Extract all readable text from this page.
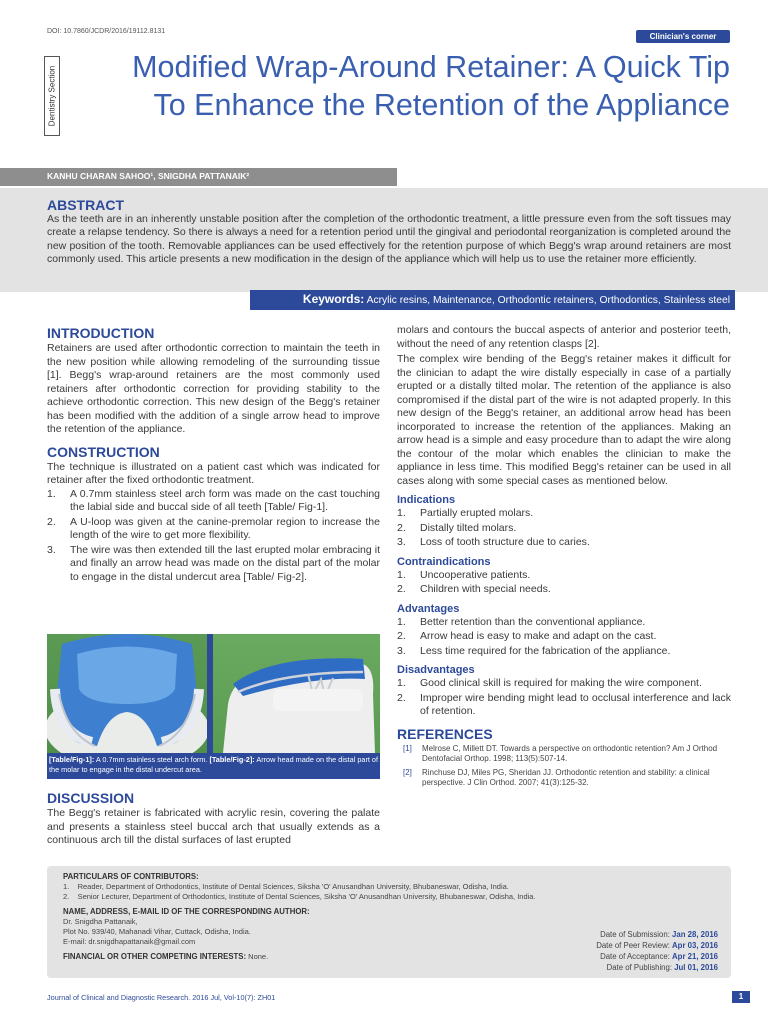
DOI: 10.7860/JCDR/2016/19112.8131
Clinician's corner
Dentistry Section	Modified Wrap-Around Retainer: A Quick Tip
To Enhance the Retention of the Appliance
KANHU CHARAN SAHOO¹, SNIGDHA PATTANAIK²
ABSTRACT
As the teeth are in an inherently unstable position after the completion of the orthodontic treatment, a little pressure even from the soft tissues may create a relapse tendency. So there is always a need for a retention period until the gingival and periodontal reorganization is completed around the new position of the tooth. Removable appliances can be used effectively for the retention purpose of which Begg's wrap around retainers are most commonly used. This article presents a new modification in the design of the appliance which will help us to use the retainer more efficiently.
Keywords: Acrylic resins, Maintenance, Orthodontic retainers, Orthodontics, Stainless steel
INTRODUCTION

Retainers are used after orthodontic correction to maintain the teeth in the new position while allowing remodeling of the surrounding tissue [1]. Begg's wrap-around retainers are the most commonly used retainers after orthodontic correction for providing stability to the achieve orthodontic correction. This new design of the Begg's retainer has been modified with the addition of a single arrow head to improve the retention of the appliance.

CONSTRUCTION

The technique is illustrated on a patient cast which was indicated for retainer after the fixed orthodontic treatment.

1. A 0.7mm stainless steel arch form was made on the cast touching the labial side and buccal side of all teeth [Table/ Fig-1].
2. A U-loop was given at the canine-premolar region to increase the length of the wire to get more flexibility.
3. The wire was then extended till the last erupted molar embracing it and finally an arrow head was made on the distal part of the molar to engage in the distal undercut area [Table/ Fig-2].
[Table/Fig-1]: A 0.7mm stainless steel arch form. [Table/Fig-2]: Arrow head made on the distal part of the molar to engage in the distal undercut area.
DISCUSSION

The Begg's retainer is fabricated with acrylic resin, covering the palate and presents a stainless steel buccal arch that usually extends as a continuous arch till the distal surfaces of last erupted

molars and contours the buccal aspects of anterior and posterior teeth, without the need of any retention clasps [2].

The complex wire bending of the Begg's retainer makes it difficult for the clinician to adapt the wire distally especially in case of a partially erupted or a distally tilted molar. The retention of the appliance is also compromised if the distal part of the wire is not adapted properly. In this new design of the Begg's retainer, an additional arrow head has been incorporated to increase the retention of the appliances. Making an arrow head is a simple and easy procedure than to adapt the wire along the contour of the molar which enables the clinician to make the appliance in less time. This modified Begg's retainer can be used in all cases along with some special cases as mentioned below.

Indications
1. Partially erupted molars.
2. Distally tilted molars.
3. Loss of tooth structure due to caries.
Contraindications
1. Uncooperative patients.
2. Children with special needs.
Advantages
1. Better retention than the conventional appliance.
2. Arrow head is easy to make and adapt on the cast.
3. Less time required for the fabrication of the appliance.
Disadvantages
1. Good clinical skill is required for making the wire component.
2. Improper wire bending might lead to occlusal interference and lack of retention.
REFERENCES
[1] Melrose C, Millett DT. Towards a perspective on orthodontic retention? Am J Orthod Dentofacial Orthop. 1998; 113(5):507-14.
[2] Rinchuse DJ, Miles PG, Sheridan JJ. Orthodontic retention and stability: a clinical perspective. J Clin Orthod. 2007; 41(3):125-32.
PARTICULARS OF CONTRIBUTORS:
1.    Reader, Department of Orthodontics, Institute of Dental Sciences, Siksha 'O' Anusandhan University, Bhubaneswar, Odisha, India.
2.    Senior Lecturer, Department of Orthodontics, Institute of Dental Sciences, Siksha 'O' Anusandhan University, Bhubaneswar, Odisha, India.
NAME, ADDRESS, E-MAIL ID OF THE CORRESPONDING AUTHOR:
Dr. Snigdha Pattanaik,
Plot No. 939/40, Mahanadi Vihar, Cuttack, Odisha, India.
E-mail: dr.snigdhapattanaik@gmail.com
FINANCIAL OR OTHER COMPETING INTERESTS: None.
Date of Submission: Jan 28, 2016
Date of Peer Review: Apr 03, 2016
Date of Acceptance: Apr 21, 2016
Date of Publishing: Jul 01, 2016
Journal of Clinical and Diagnostic Research. 2016 Jul, Vol-10(7): ZH01	1
